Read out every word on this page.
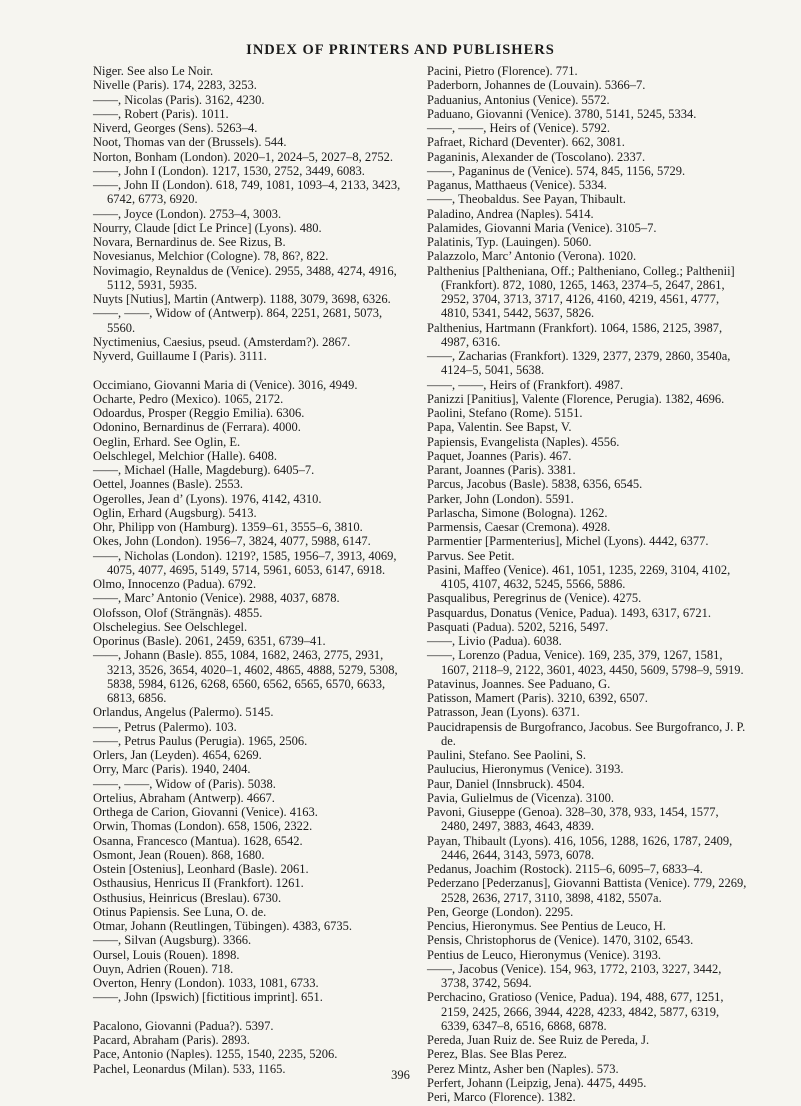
INDEX OF PRINTERS AND PUBLISHERS

Niger. See also Le Noir.

Nivelle (Paris). 174, 2283, 3253.

——, Nicolas (Paris). 3162, 4230.

——, Robert (Paris). 1011.

Niverd, Georges (Sens). 5263–4.

Noot, Thomas van der (Brussels). 544.

Norton, Bonham (London). 2020–1, 2024–5, 2027–8, 2752.

——, John I (London). 1217, 1530, 2752, 3449, 6083.

——, John II (London). 618, 749, 1081, 1093–4, 2133, 3423, 6742, 6773, 6920.

——, Joyce (London). 2753–4, 3003.

Nourry, Claude [dict Le Prince] (Lyons). 480.

Novara, Bernardinus de. See Rizus, B.

Novesianus, Melchior (Cologne). 78, 86?, 822.

Novimagio, Reynaldus de (Venice). 2955, 3488, 4274, 4916, 5112, 5931, 5935.

Nuyts [Nutius], Martin (Antwerp). 1188, 3079, 3698, 6326.

——, ——, Widow of (Antwerp). 864, 2251, 2681, 5073, 5560.

Nyctimenius, Caesius, pseud. (Amsterdam?). 2867.

Nyverd, Guillaume I (Paris). 3111.

Occimiano, Giovanni Maria di (Venice). 3016, 4949.

Ocharte, Pedro (Mexico). 1065, 2172.

Odoardus, Prosper (Reggio Emilia). 6306.

Odonino, Bernardinus de (Ferrara). 4000.

Oeglin, Erhard. See Oglin, E.

Oelschlegel, Melchior (Halle). 6408.

——, Michael (Halle, Magdeburg). 6405–7.

Oettel, Joannes (Basle). 2553.

Ogerolles, Jean d’ (Lyons). 1976, 4142, 4310.

Oglin, Erhard (Augsburg). 5413.

Ohr, Philipp von (Hamburg). 1359–61, 3555–6, 3810.

Okes, John (London). 1956–7, 3824, 4077, 5988, 6147.

——, Nicholas (London). 1219?, 1585, 1956–7, 3913, 4069, 4075, 4077, 4695, 5149, 5714, 5961, 6053, 6147, 6918.

Olmo, Innocenzo (Padua). 6792.

——, Marc’ Antonio (Venice). 2988, 4037, 6878.

Olofsson, Olof (Strängnäs). 4855.

Olschelegius. See Oelschlegel.

Oporinus (Basle). 2061, 2459, 6351, 6739–41.

——, Johann (Basle). 855, 1084, 1682, 2463, 2775, 2931, 3213, 3526, 3654, 4020–1, 4602, 4865, 4888, 5279, 5308, 5838, 5984, 6126, 6268, 6560, 6562, 6565, 6570, 6633, 6813, 6856.

Orlandus, Angelus (Palermo). 5145.

——, Petrus (Palermo). 103.

——, Petrus Paulus (Perugia). 1965, 2506.

Orlers, Jan (Leyden). 4654, 6269.

Orry, Marc (Paris). 1940, 2404.

——, ——, Widow of (Paris). 5038.

Ortelius, Abraham (Antwerp). 4667.

Orthega de Carion, Giovanni (Venice). 4163.

Orwin, Thomas (London). 658, 1506, 2322.

Osanna, Francesco (Mantua). 1628, 6542.

Osmont, Jean (Rouen). 868, 1680.

Ostein [Ostenius], Leonhard (Basle). 2061.

Osthausius, Henricus II (Frankfort). 1261.

Osthusius, Heinricus (Breslau). 6730.

Otinus Papiensis. See Luna, O. de.

Otmar, Johann (Reutlingen, Tübingen). 4383, 6735.

——, Silvan (Augsburg). 3366.

Oursel, Louis (Rouen). 1898.

Ouyn, Adrien (Rouen). 718.

Overton, Henry (London). 1033, 1081, 6733.

——, John (Ipswich) [fictitious imprint]. 651.

Pacalono, Giovanni (Padua?). 5397.

Pacard, Abraham (Paris). 2893.

Pace, Antonio (Naples). 1255, 1540, 2235, 5206.

Pachel, Leonardus (Milan). 533, 1165.

Pacini, Pietro (Florence). 771.

Paderborn, Johannes de (Louvain). 5366–7.

Paduanius, Antonius (Venice). 5572.

Paduano, Giovanni (Venice). 3780, 5141, 5245, 5334.

——, ——, Heirs of (Venice). 5792.

Pafraet, Richard (Deventer). 662, 3081.

Paganinis, Alexander de (Toscolano). 2337.

——, Paganinus de (Venice). 574, 845, 1156, 5729.

Paganus, Matthaeus (Venice). 5334.

——, Theobaldus. See Payan, Thibault.

Paladino, Andrea (Naples). 5414.

Palamides, Giovanni Maria (Venice). 3105–7.

Palatinis, Typ. (Lauingen). 5060.

Palazzolo, Marc’ Antonio (Verona). 1020.

Palthenius [Paltheniana, Off.; Paltheniano, Colleg.; Palthenii] (Frankfort). 872, 1080, 1265, 1463, 2374–5, 2647, 2861, 2952, 3704, 3713, 3717, 4126, 4160, 4219, 4561, 4777, 4810, 5341, 5442, 5637, 5826.

Palthenius, Hartmann (Frankfort). 1064, 1586, 2125, 3987, 4987, 6316.

——, Zacharias (Frankfort). 1329, 2377, 2379, 2860, 3540a, 4124–5, 5041, 5638.

——, ——, Heirs of (Frankfort). 4987.

Panizzi [Panitius], Valente (Florence, Perugia). 1382, 4696.

Paolini, Stefano (Rome). 5151.

Papa, Valentin. See Bapst, V.

Papiensis, Evangelista (Naples). 4556.

Paquet, Joannes (Paris). 467.

Parant, Joannes (Paris). 3381.

Parcus, Jacobus (Basle). 5838, 6356, 6545.

Parker, John (London). 5591.

Parlascha, Simone (Bologna). 1262.

Parmensis, Caesar (Cremona). 4928.

Parmentier [Parmenterius], Michel (Lyons). 4442, 6377.

Parvus. See Petit.

Pasini, Maffeo (Venice). 461, 1051, 1235, 2269, 3104, 4102, 4105, 4107, 4632, 5245, 5566, 5886.

Pasqualibus, Peregrinus de (Venice). 4275.

Pasquardus, Donatus (Venice, Padua). 1493, 6317, 6721.

Pasquati (Padua). 5202, 5216, 5497.

——, Livio (Padua). 6038.

——, Lorenzo (Padua, Venice). 169, 235, 379, 1267, 1581, 1607, 2118–9, 2122, 3601, 4023, 4450, 5609, 5798–9, 5919.

Patavinus, Joannes. See Paduano, G.

Patisson, Mamert (Paris). 3210, 6392, 6507.

Patrasson, Jean (Lyons). 6371.

Paucidrapensis de Burgofranco, Jacobus. See Burgofranco, J. P. de.

Paulini, Stefano. See Paolini, S.

Paulucius, Hieronymus (Venice). 3193.

Paur, Daniel (Innsbruck). 4504.

Pavia, Gulielmus de (Vicenza). 3100.

Pavoni, Giuseppe (Genoa). 328–30, 378, 933, 1454, 1577, 2480, 2497, 3883, 4643, 4839.

Payan, Thibault (Lyons). 416, 1056, 1288, 1626, 1787, 2409, 2446, 2644, 3143, 5973, 6078.

Pedanus, Joachim (Rostock). 2115–6, 6095–7, 6833–4.

Pederzano [Pederzanus], Giovanni Battista (Venice). 779, 2269, 2528, 2636, 2717, 3110, 3898, 4182, 5507a.

Pen, George (London). 2295.

Pencius, Hieronymus. See Pentius de Leuco, H.

Pensis, Christophorus de (Venice). 1470, 3102, 6543.

Pentius de Leuco, Hieronymus (Venice). 3193.

——, Jacobus (Venice). 154, 963, 1772, 2103, 3227, 3442, 3738, 3742, 5694.

Perchacino, Gratioso (Venice, Padua). 194, 488, 677, 1251, 2159, 2425, 2666, 3944, 4228, 4233, 4842, 5877, 6319, 6339, 6347–8, 6516, 6868, 6878.

Pereda, Juan Ruiz de. See Ruiz de Pereda, J.

Perez, Blas. See Blas Perez.

Perez Mintz, Asher ben (Naples). 573.

Perfert, Johann (Leipzig, Jena). 4475, 4495.

Peri, Marco (Florence). 1382.

396
